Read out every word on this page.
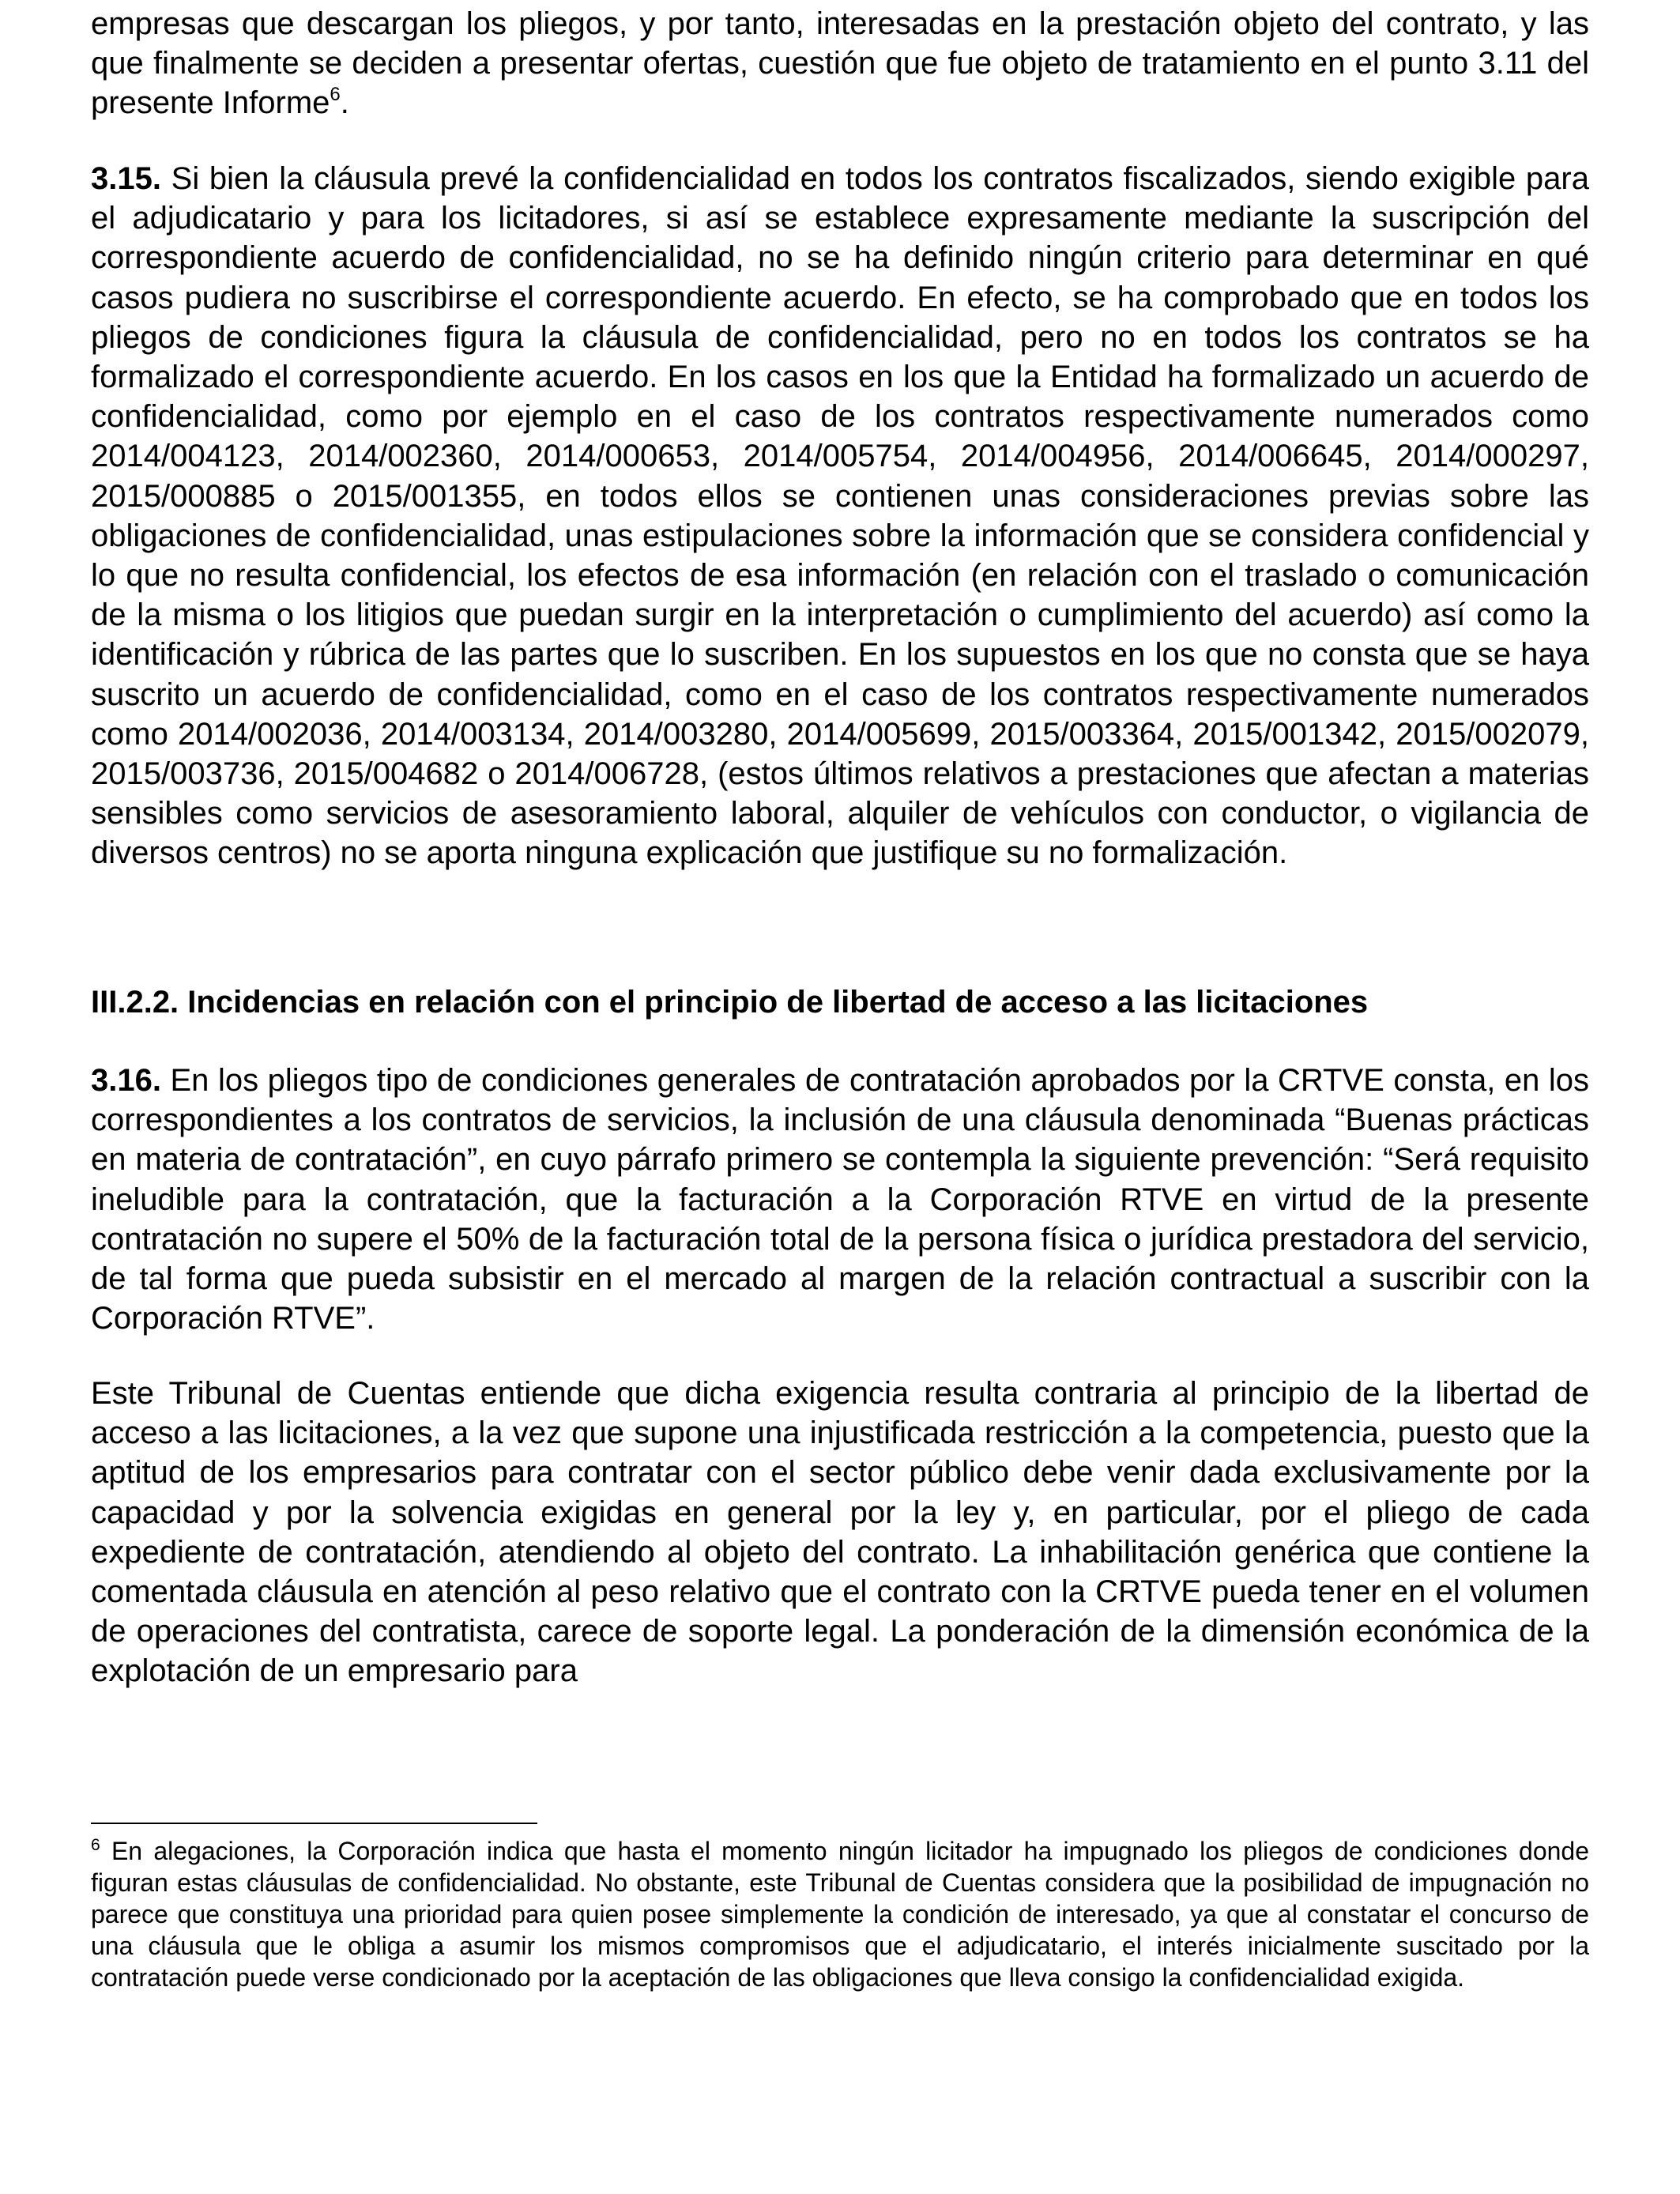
empresas que descargan los pliegos, y por tanto, interesadas en la prestación objeto del contrato, y las que finalmente se deciden a presentar ofertas, cuestión que fue objeto de tratamiento en el punto 3.11 del presente Informe$^6$.

3.15. Si bien la cláusula prevé la confidencialidad en todos los contratos fiscalizados, siendo exigible para el adjudicatario y para los licitadores, si así se establece expresamente mediante la suscripción del correspondiente acuerdo de confidencialidad, no se ha definido ningún criterio para determinar en qué casos pudiera no suscribirse el correspondiente acuerdo. En efecto, se ha comprobado que en todos los pliegos de condiciones figura la cláusula de confidencialidad, pero no en todos los contratos se ha formalizado el correspondiente acuerdo. En los casos en los que la Entidad ha formalizado un acuerdo de confidencialidad, como por ejemplo en el caso de los contratos respectivamente numerados como 2014/004123, 2014/002360, 2014/000653, 2014/005754, 2014/004956, 2014/006645, 2014/000297, 2015/000885 o 2015/001355, en todos ellos se contienen unas consideraciones previas sobre las obligaciones de confidencialidad, unas estipulaciones sobre la información que se considera confidencial y lo que no resulta confidencial, los efectos de esa información (en relación con el traslado o comunicación de la misma o los litigios que puedan surgir en la interpretación o cumplimiento del acuerdo) así como la identificación y rúbrica de las partes que lo suscriben. En los supuestos en los que no consta que se haya suscrito un acuerdo de confidencialidad, como en el caso de los contratos respectivamente numerados como 2014/002036, 2014/003134, 2014/003280, 2014/005699, 2015/003364, 2015/001342, 2015/002079, 2015/003736, 2015/004682 o 2014/006728, (estos últimos relativos a prestaciones que afectan a materias sensibles como servicios de asesoramiento laboral, alquiler de vehículos con conductor, o vigilancia de diversos centros) no se aporta ninguna explicación que justifique su no formalización.

III.2.2. Incidencias en relación con el principio de libertad de acceso a las licitaciones

3.16. En los pliegos tipo de condiciones generales de contratación aprobados por la CRTVE consta, en los correspondientes a los contratos de servicios, la inclusión de una cláusula denominada “Buenas prácticas en materia de contratación”, en cuyo párrafo primero se contempla la siguiente prevención: “Será requisito ineludible para la contratación, que la facturación a la Corporación RTVE en virtud de la presente contratación no supere el 50% de la facturación total de la persona física o jurídica prestadora del servicio, de tal forma que pueda subsistir en el mercado al margen de la relación contractual a suscribir con la Corporación RTVE”.

Este Tribunal de Cuentas entiende que dicha exigencia resulta contraria al principio de la libertad de acceso a las licitaciones, a la vez que supone una injustificada restricción a la competencia, puesto que la aptitud de los empresarios para contratar con el sector público debe venir dada exclusivamente por la capacidad y por la solvencia exigidas en general por la ley y, en particular, por el pliego de cada expediente de contratación, atendiendo al objeto del contrato. La inhabilitación genérica que contiene la comentada cláusula en atención al peso relativo que el contrato con la CRTVE pueda tener en el volumen de operaciones del contratista, carece de soporte legal. La ponderación de la dimensión económica de la explotación de un empresario para

$^6$ En alegaciones, la Corporación indica que hasta el momento ningún licitador ha impugnado los pliegos de condiciones donde figuran estas cláusulas de confidencialidad. No obstante, este Tribunal de Cuentas considera que la posibilidad de impugnación no parece que constituya una prioridad para quien posee simplemente la condición de interesado, ya que al constatar el concurso de una cláusula que le obliga a asumir los mismos compromisos que el adjudicatario, el interés inicialmente suscitado por la contratación puede verse condicionado por la aceptación de las obligaciones que lleva consigo la confidencialidad exigida.
